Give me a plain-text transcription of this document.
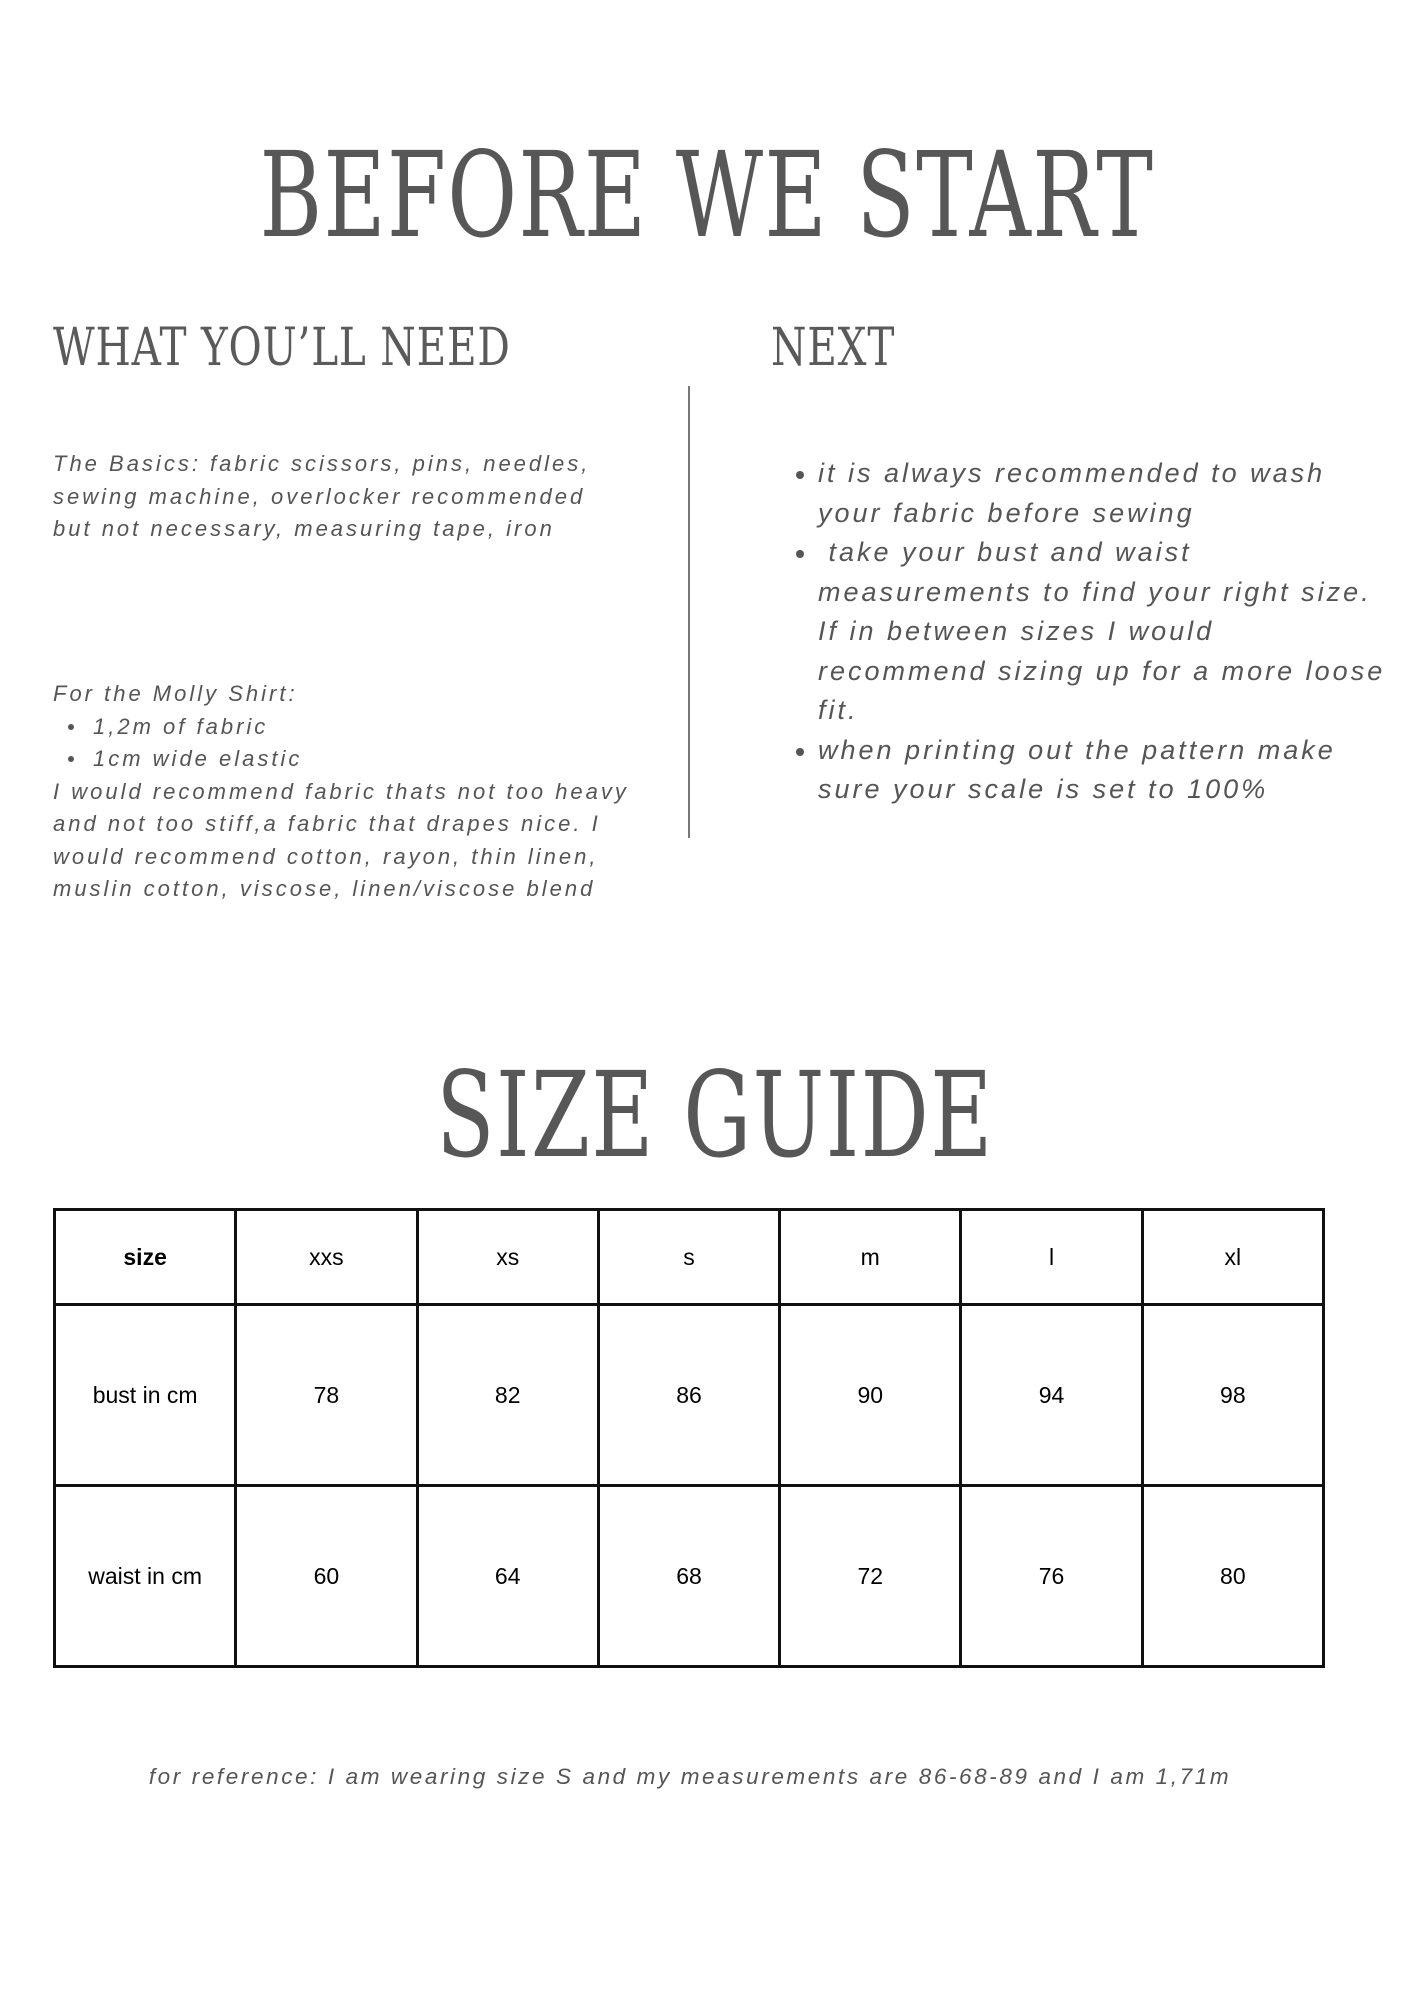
BEFORE WE START
WHAT YOU’LL NEED	NEXT

The Basics: fabric scissors, pins, needles, sewing machine, overlocker recommended but not necessary, measuring tape, iron

For the Molly Shirt:
1,2m of fabric
1cm wide elastic
I would recommend fabric thats not too heavy and not too stiff,a fabric that drapes nice. I would recommend cotton, rayon, thin linen, muslin cotton, viscose, linen/viscose blend
it is always recommended to wash your fabric before sewing
take your bust and waist measurements to find your right size. If in between sizes I would recommend sizing up for a more loose fit.
when printing out the pattern make sure your scale is set to 100%
SIZE GUIDE
size	xxs	xs	s	m	l	xl
bust in cm	78	82	86	90	94	98
waist in cm	60	64	68	72	76	80
for reference: I am wearing size S and my measurements are 86-68-89 and I am 1,71m
